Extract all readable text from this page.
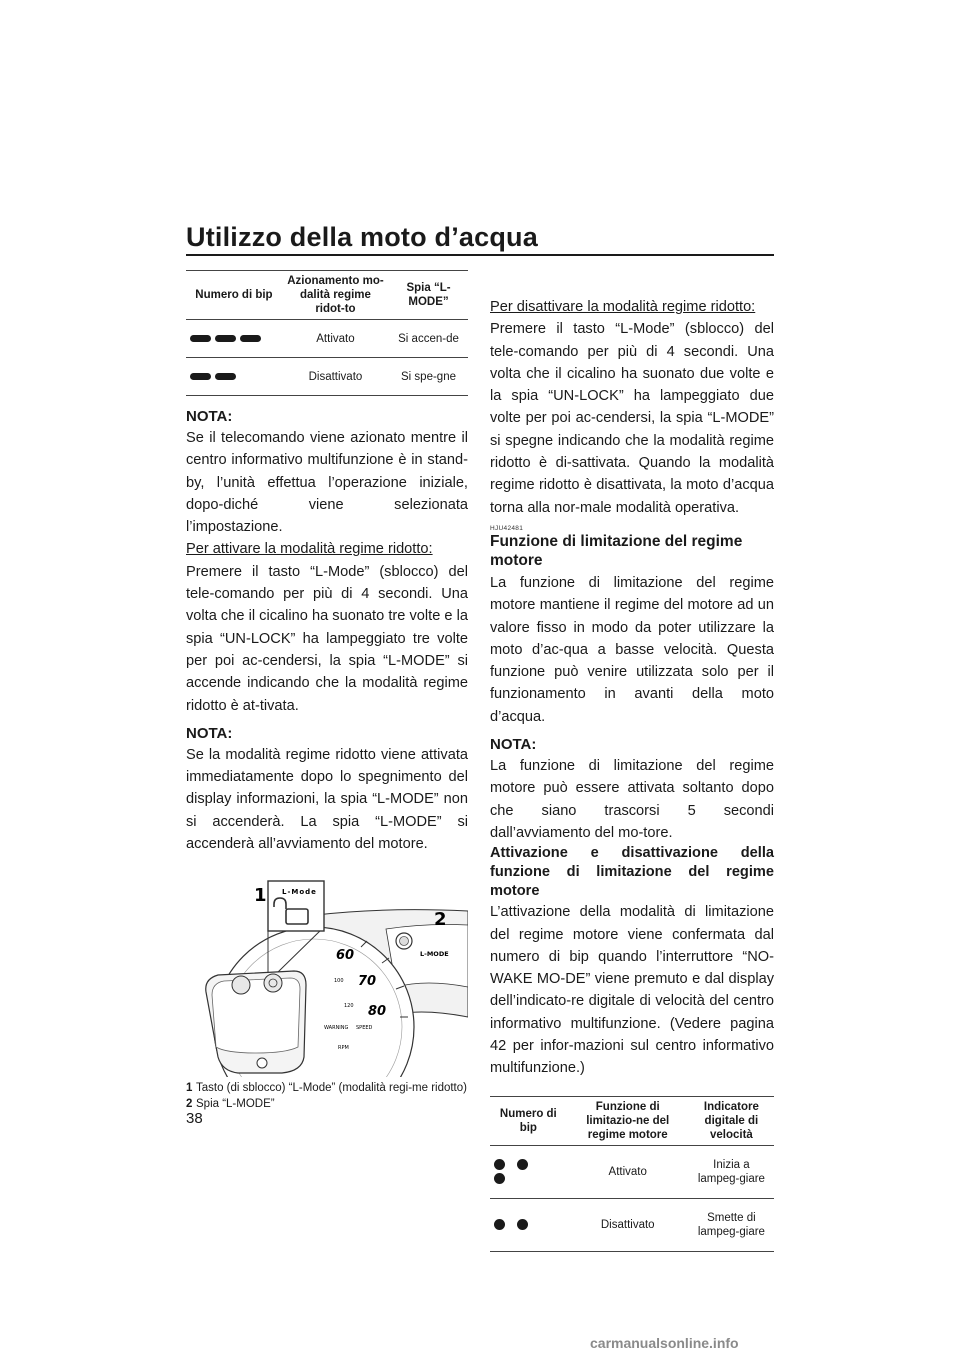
Utilizzo della moto d’acqua
Numero di bip	Azionamento mo-dalità regime ridot-to	Spia “L-MODE”
	Attivato	Si accen-de
	Disattivato	Si spe-gne
NOTA:

Se il telecomando viene azionato mentre il centro informativo multifunzione è in stand-by, l’unità effettua l’operazione iniziale, dopo-diché viene selezionata l’impostazione.

Per attivare la modalità regime ridotto:

Premere il tasto “L-Mode” (sblocco) del tele-comando per più di 4 secondi. Una volta che il cicalino ha suonato tre volte e la spia “UN-LOCK” ha lampeggiato tre volte per poi ac-cendersi, la spia “L-MODE” si accende indicando che la modalità regime ridotto è at-tivata.

NOTA:

Se la modalità regime ridotto viene attivata immediatamente dopo lo spegnimento del display informazioni, la spia “L-MODE” non si accenderà. La spia “L-MODE” si accenderà all’avviamento del motore.

60
70
80
100
120
WARNING SPEED
RPM
L-MODE
2
L-Mode
1
1 Tasto (di sblocco) “L-Mode” (modalità regi-me ridotto)
2 Spia “L-MODE”

Per disattivare la modalità regime ridotto:

Premere il tasto “L-Mode” (sblocco) del tele-comando per più di 4 secondi. Una volta che il cicalino ha suonato due volte e la spia “UN-LOCK” ha lampeggiato due volte per poi ac-cendersi, la spia “L-MODE” si spegne indicando che la modalità regime ridotto è di-sattivata. Quando la modalità regime ridotto è disattivata, la moto d’acqua torna alla nor-male modalità operativa.

HJU42481
Funzione di limitazione del regime motore

La funzione di limitazione del regime motore mantiene il regime del motore ad un valore fisso in modo da poter utilizzare la moto d’ac-qua a basse velocità. Questa funzione può venire utilizzata solo per il funzionamento in avanti della moto d’acqua.

NOTA:

La funzione di limitazione del regime motore può essere attivata soltanto dopo che siano trascorsi 5 secondi dall’avviamento del mo-tore.

Attivazione e disattivazione della funzione di limitazione del regime motore

L’attivazione della modalità di limitazione del regime motore viene confermata dal numero di bip quando l’interruttore “NO-WAKE MO-DE” viene premuto e dal display dell’indicato-re digitale di velocità del centro informativo multifunzione. (Vedere pagina 42 per infor-mazioni sul centro informativo multifunzione.)

Numero di bip	Funzione di limitazio-ne del regime motore	Indicatore digitale di velocità
	Attivato	Inizia a lampeg-giare
	Disattivato	Smette di lampeg-giare
38
carmanualsonline.info
